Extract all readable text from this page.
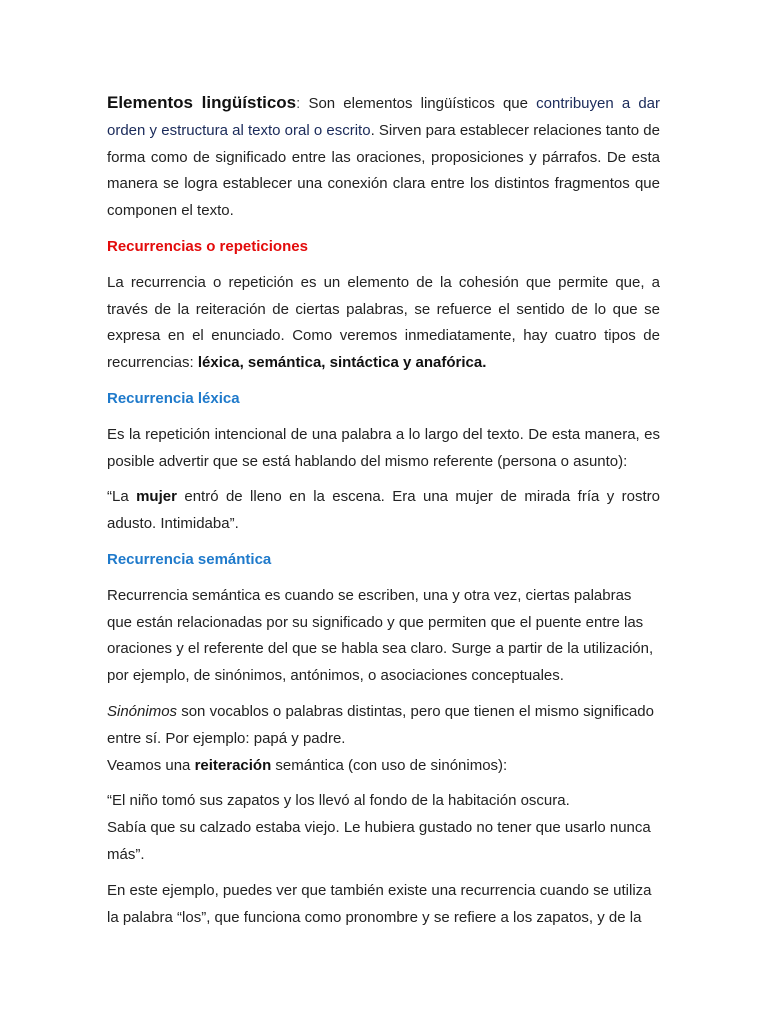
Elementos lingüísticos: Son elementos lingüísticos que contribuyen a dar orden y estructura al texto oral o escrito. Sirven para establecer relaciones tanto de forma como de significado entre las oraciones, proposiciones y párrafos. De esta manera se logra establecer una conexión clara entre los distintos fragmentos que componen el texto.

Recurrencias o repeticiones

La recurrencia o repetición es un elemento de la cohesión que permite que, a través de la reiteración de ciertas palabras, se refuerce el sentido de lo que se expresa en el enunciado. Como veremos inmediatamente, hay cuatro tipos de recurrencias: léxica, semántica, sintáctica y anafórica.

Recurrencia léxica

Es la repetición intencional de una palabra a lo largo del texto. De esta manera, es posible advertir que se está hablando del mismo referente (persona o asunto):

“La mujer entró de lleno en la escena. Era una mujer de mirada fría y rostro adusto. Intimidaba”.

Recurrencia semántica

Recurrencia semántica es cuando se escriben, una y otra vez, ciertas palabras que están relacionadas por su significado y que permiten que el puente entre las oraciones y el referente del que se habla sea claro. Surge a partir de la utilización, por ejemplo, de sinónimos, antónimos, o asociaciones conceptuales.

Sinónimos son vocablos o palabras distintas, pero que tienen el mismo significado entre sí. Por ejemplo: papá y padre.

Veamos una reiteración semántica (con uso de sinónimos):

“El niño tomó sus zapatos y los llevó al fondo de la habitación oscura.

Sabía que su calzado estaba viejo. Le hubiera gustado no tener que usarlo nunca más”.

En este ejemplo, puedes ver que también existe una recurrencia cuando se utiliza la palabra “los”, que funciona como pronombre y se refiere a los zapatos, y de la
